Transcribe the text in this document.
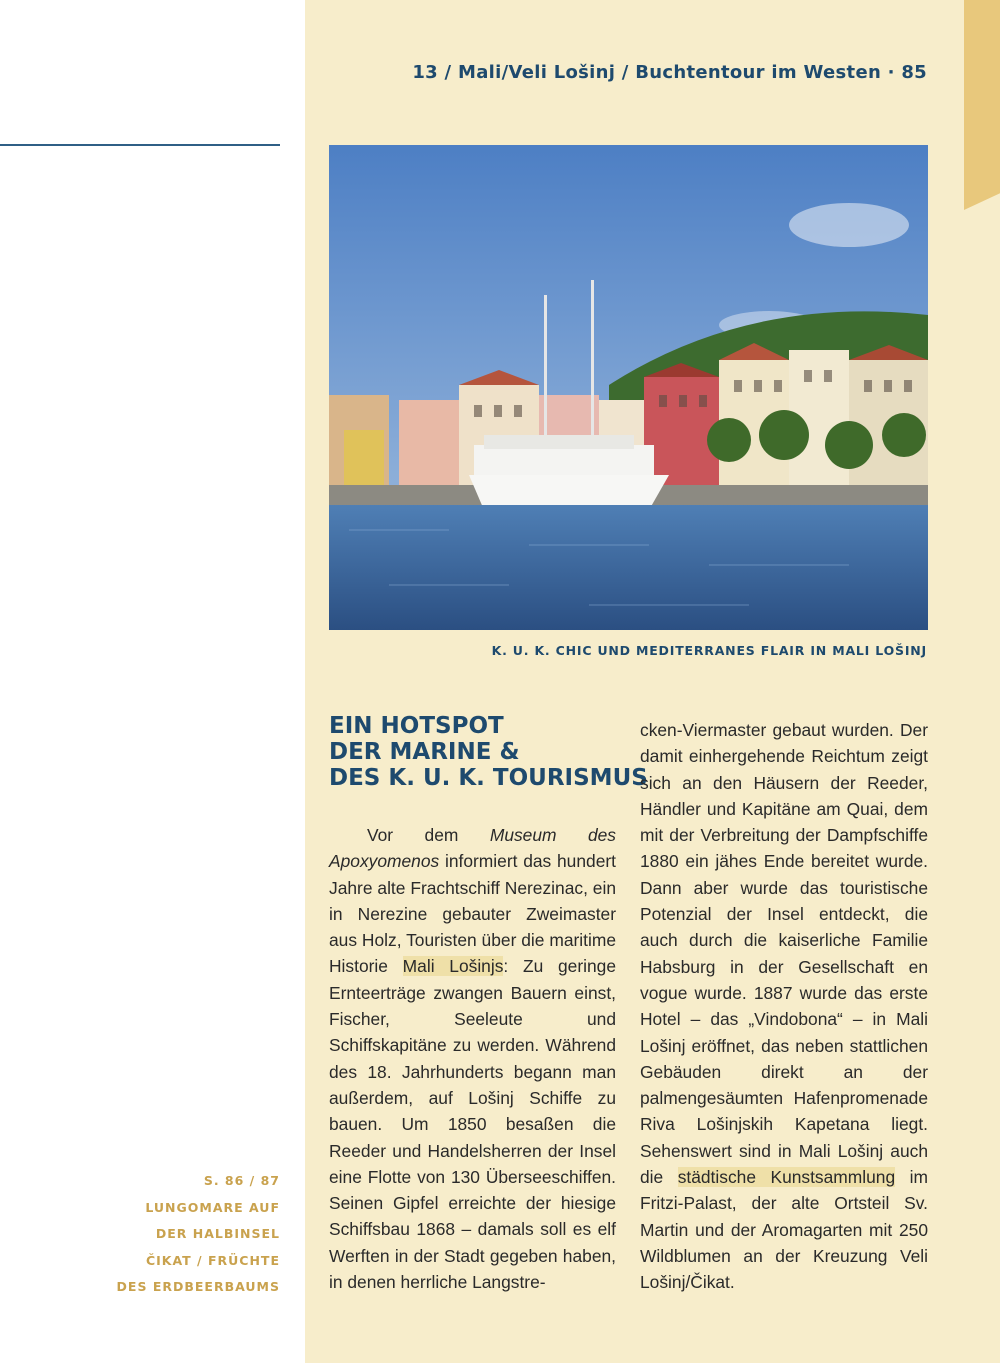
13 / Mali/Veli Lošinj / Buchtentour im Westen · 85
K. U. K. CHIC UND MEDITERRANES FLAIR IN MALI LOŠINJ
EIN HOTSPOT
DER MARINE &
DES K. U. K. TOURISMUS
Vor dem Museum des Apoxyomenos informiert das hundert Jahre alte Frachtschiff Nerezinac, ein in Nerezine gebauter Zweimaster aus Holz, Touristen über die maritime Historie Mali Lošinjs: Zu geringe Ernteerträge zwangen Bauern einst, Fischer, Seeleute und Schiffskapitäne zu werden. Während des 18. Jahrhunderts begann man außerdem, auf Lošinj Schiffe zu bauen. Um 1850 besaßen die Reeder und Handelsherren der Insel eine Flotte von 130 Überseeschiffen. Seinen Gipfel erreichte der hiesige Schiffsbau 1868 – damals soll es elf Werften in der Stadt gegeben haben, in denen herrliche Langstre-
cken-Viermaster gebaut wurden. Der damit einhergehende Reichtum zeigt sich an den Häusern der Reeder, Händler und Kapitäne am Quai, dem mit der Verbreitung der Dampfschiffe 1880 ein jähes Ende bereitet wurde. Dann aber wurde das touristische Potenzial der Insel entdeckt, die auch durch die kaiserliche Familie Habsburg in der Gesellschaft en vogue wurde. 1887 wurde das erste Hotel – das „Vindobona“ – in Mali Lošinj eröffnet, das neben stattlichen Gebäuden direkt an der palmengesäumten Hafenpromenade Riva Lošinjskih Kapetana liegt. Sehenswert sind in Mali Lošinj auch die städtische Kunstsammlung im Fritzi-Palast, der alte Ortsteil Sv. Martin und der Aromagarten mit 250 Wildblumen an der Kreuzung Veli Lošinj/Čikat.
S. 86 / 87
LUNGOMARE AUF
DER HALBINSEL
ČIKAT / FRÜCHTE
DES ERDBEERBAUMS
